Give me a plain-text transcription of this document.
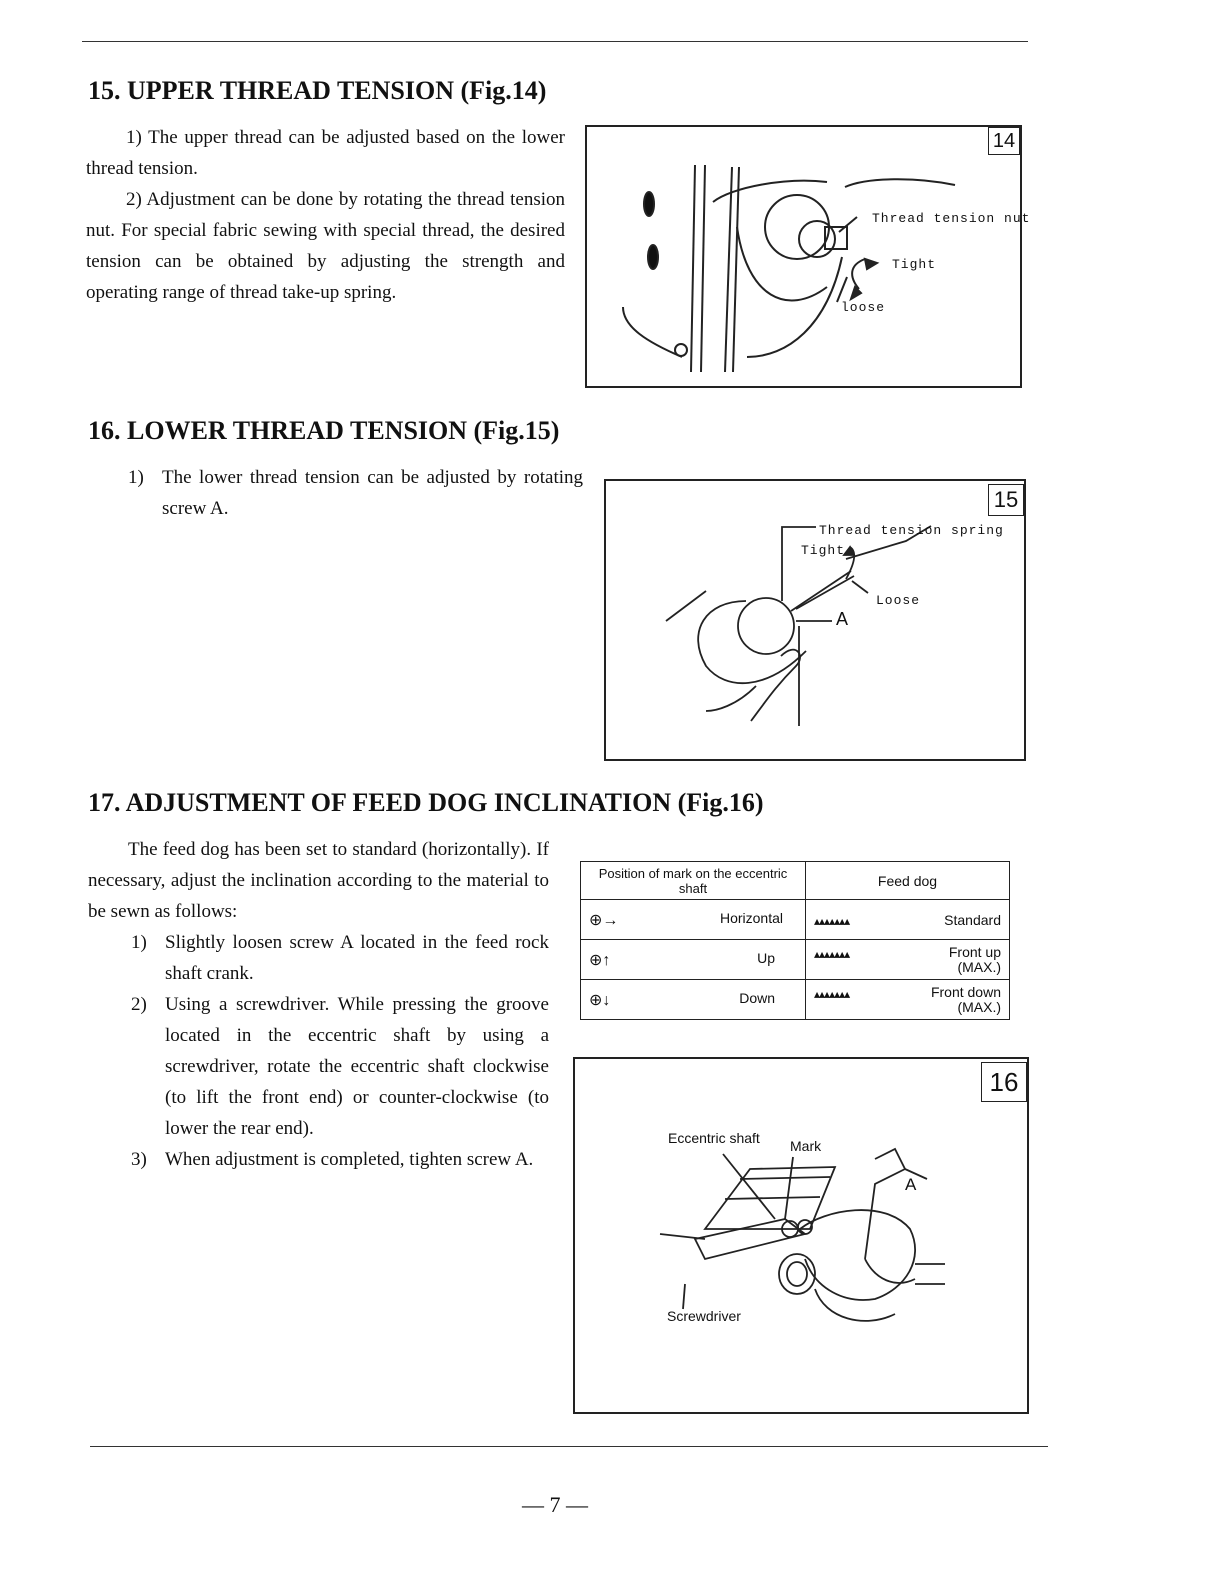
15. UPPER THREAD TENSION (Fig.14)

1) The upper thread can be adjusted based on the lower thread tension.

2) Adjustment can be done by rotating the thread tension nut. For special fabric sewing with special thread, the desired tension can be obtained by adjusting the strength and operating range of thread take-up spring.

14
Thread tension nut
Tight
loose
16. LOWER THREAD TENSION (Fig.15)
1) The lower thread tension can be adjusted by rotating screw A.	15
Thread tension spring
Tight
Loose
A
17. ADJUSTMENT OF FEED DOG INCLINATION (Fig.16)

The feed dog has been set to standard (horizontally). If necessary, adjust the inclination according to the material to be sewn as follows:

1) Slightly loosen screw A located in the feed rock shaft crank.
2) Using a screwdriver. While pressing the groove located in the eccentric shaft by using a screwdriver, rotate the eccentric shaft clockwise (to lift the front end) or counter-clockwise (to lower the rear end).
3) When adjustment is completed, tighten screw A.
Position of mark on the eccentric shaft	Feed dog
⊕→ Horizontal	▴▴▴▴▴▴▴ Standard

⊕↑ Up	▴▴▴▴▴▴▴ Front up (MAX.)

⊕↓ Down	▴▴▴▴▴▴▴ Front down (MAX.)
16
Eccentric shaft Mark
A
Screwdriver
— 7 —
